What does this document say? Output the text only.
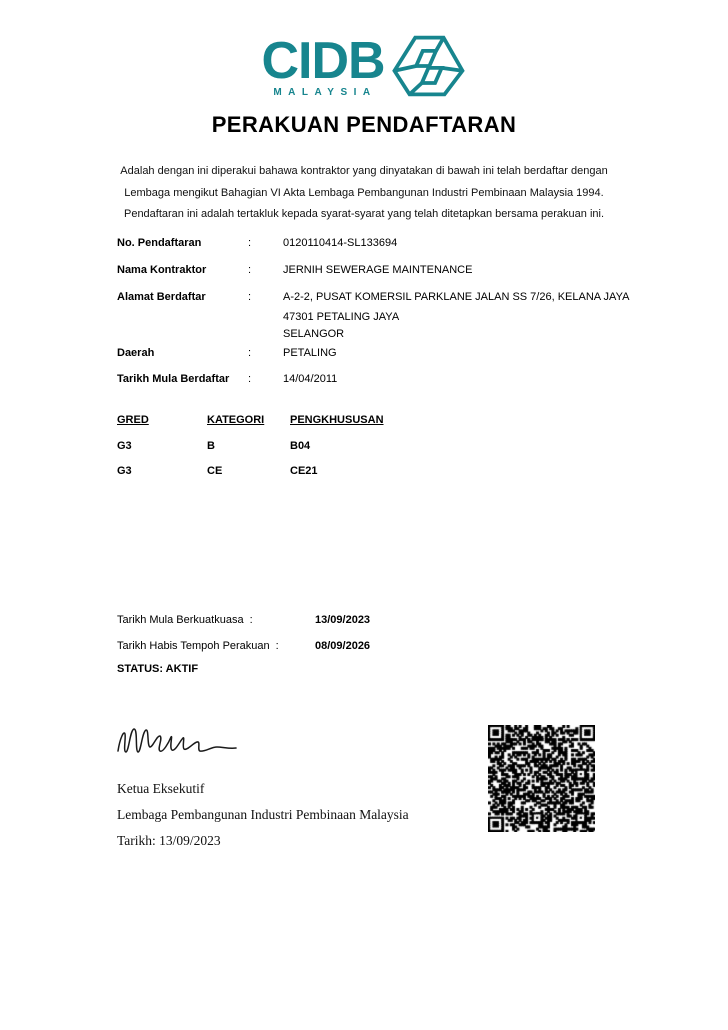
CIDB
MALAYSIA
PERAKUAN PENDAFTARAN
Adalah dengan ini diperakui bahawa kontraktor yang dinyatakan di bawah ini telah berdaftar dengan
Lembaga mengikut Bahagian VI Akta Lembaga Pembangunan Industri Pembinaan Malaysia 1994.
Pendaftaran ini adalah tertakluk kepada syarat-syarat yang telah ditetapkan bersama perakuan ini.
No. Pendaftaran	:	0120110414-SL133694
Nama Kontraktor	:	JERNIH SEWERAGE MAINTENANCE
Alamat Berdaftar	:	A-2-2, PUSAT KOMERSIL PARKLANE JALAN SS 7/26, KELANA JAYA
47301 PETALING JAYA
SELANGOR
Daerah	:	PETALING
Tarikh Mula Berdaftar	:	14/04/2011
GRED	KATEGORI	PENGKHUSUSAN
G3	B	B04
G3	CE	CE21
Tarikh Mula Berkuatkuasa :	13/09/2023
Tarikh Habis Tempoh Perakuan :	08/09/2026
STATUS: AKTIF
Ketua Eksekutif
Lembaga Pembangunan Industri Pembinaan Malaysia
Tarikh: 13/09/2023
